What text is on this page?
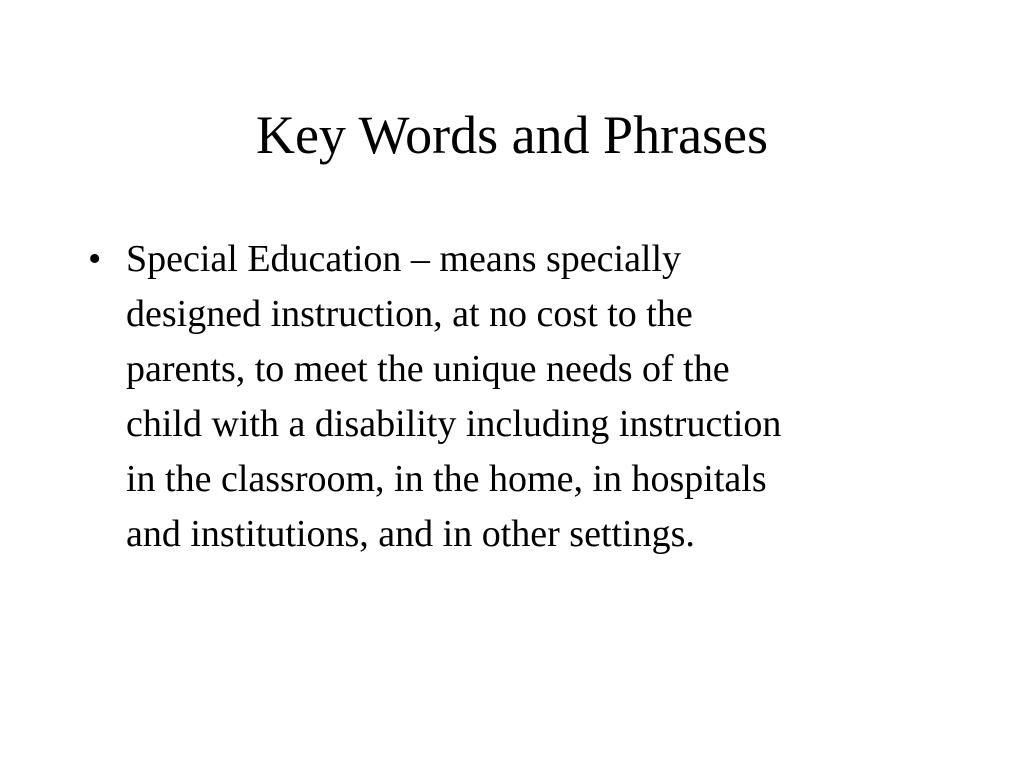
Key Words and Phrases
• Special Education – means specially
designed instruction, at no cost to the
parents, to meet the unique needs of the
child with a disability including instruction
in the classroom, in the home, in hospitals
and institutions, and in other settings.
